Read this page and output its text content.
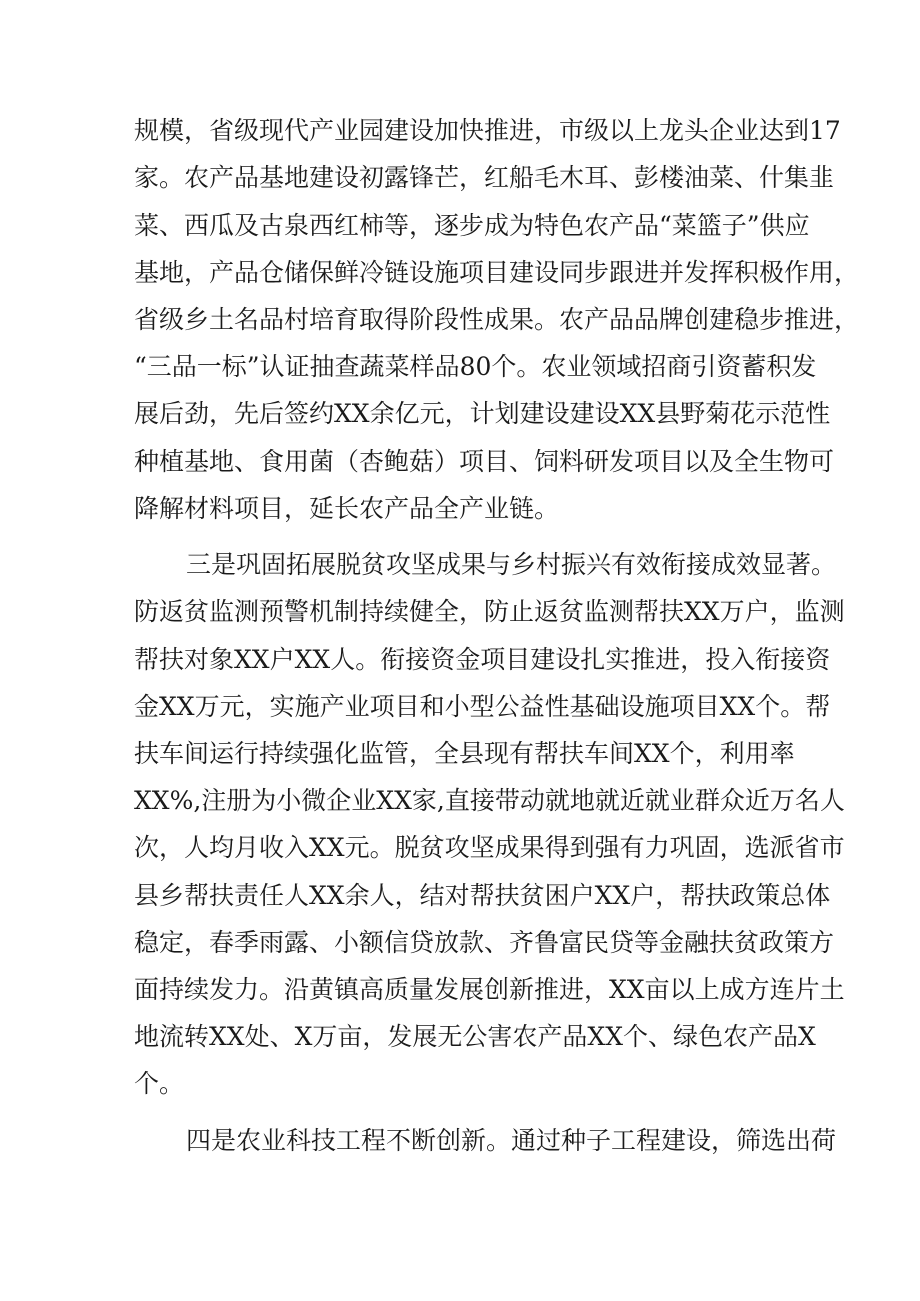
规模，省级现代产业园建设加快推进，市级以上龙头企业达到17
家。农产品基地建设初露锋芒，红船毛木耳、彭楼油菜、什集韭
菜、西瓜及古泉西红柿等，逐步成为特色农产品“菜篮子”供应
基地，产品仓储保鲜冷链设施项目建设同步跟进并发挥积极作用，
省级乡土名品村培育取得阶段性成果。农产品品牌创建稳步推进，
“三品一标”认证抽查蔬菜样品80个。农业领域招商引资蓄积发
展后劲，先后签约XX余亿元，计划建设建设XX县野菊花示范性
种植基地、食用菌（杏鲍菇）项目、饲料研发项目以及全生物可
降解材料项目，延长农产品全产业链。
三是巩固拓展脱贫攻坚成果与乡村振兴有效衔接成效显著。
防返贫监测预警机制持续健全，防止返贫监测帮扶XX万户，监测
帮扶对象XX户XX人。衔接资金项目建设扎实推进，投入衔接资
金XX万元，实施产业项目和小型公益性基础设施项目XX个。帮
扶车间运行持续强化监管，全县现有帮扶车间XX个，利用率
XX%,注册为小微企业XX家,直接带动就地就近就业群众近万名人
次，人均月收入XX元。脱贫攻坚成果得到强有力巩固，选派省市
县乡帮扶责任人XX余人，结对帮扶贫困户XX户，帮扶政策总体
稳定，春季雨露、小额信贷放款、齐鲁富民贷等金融扶贫政策方
面持续发力。沿黄镇高质量发展创新推进，XX亩以上成方连片土
地流转XX处、X万亩，发展无公害农产品XX个、绿色农产品X
个。
四是农业科技工程不断创新。通过种子工程建设，筛选出荷
